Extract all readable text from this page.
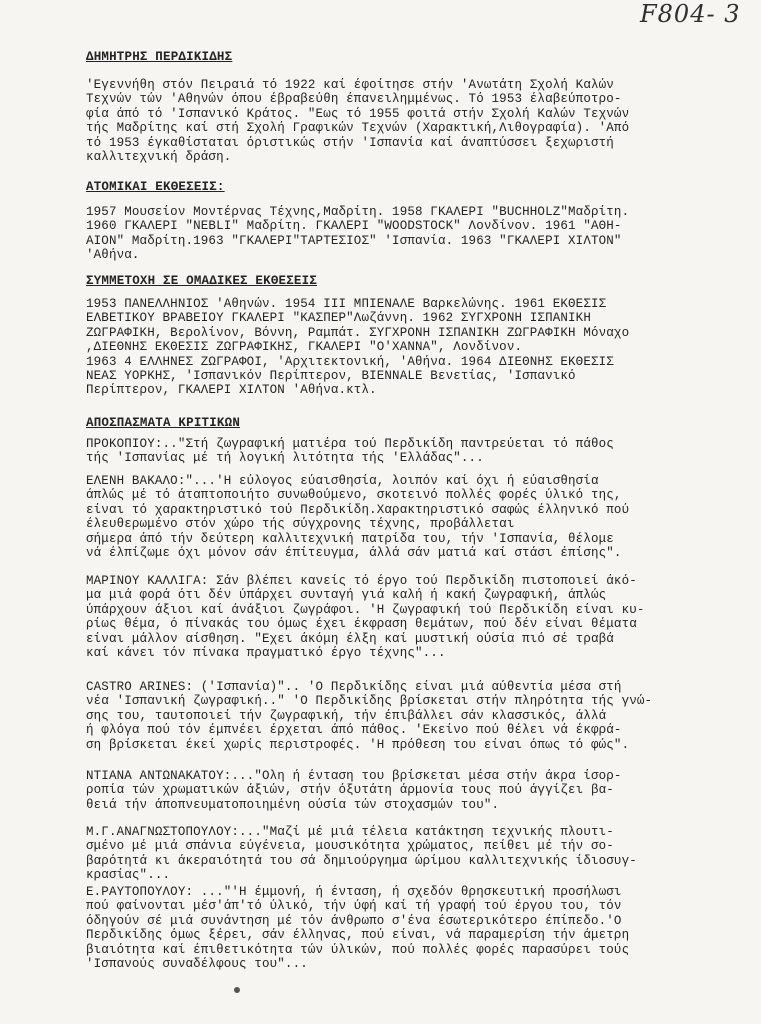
F804- 3
ΔΗΜΗΤΡΗΣ ΠΕΡΔΙΚΙΔΗΣ
'Εγεννήθη στόν Πειραιά τό 1922 καί έφοίτησε στήν 'Ανωτάτη Σχολή Καλών
Τεχνών τών 'Αθηνών όπου έβραβεύθη έπανειλημμένως. Τό 1953 έλαβεύποτρο-
φία άπό τό 'Ισπανικό Κράτος. "Εως τό 1955 φοιτά στήν Σχολή Καλών Τεχνών
τής Μαδρίτης καί στή Σχολή Γραφικών Τεχνών (Χαρακτική,Λιθογραφία). 'Από
τό 1953 έγκαθίσταται όριστικώς στήν 'Ισπανία καί άναπτύσσει ξεχωριστή
καλλιτεχνική δράση.
ΑΤΟΜΙΚΑΙ ΕΚΘΕΣΕΙΣ:
1957 Μουσείον Μοντέρνας Τέχνης,Μαδρίτη. 1958 ΓΚΑΛΕΡΙ "BUCHHOLZ"Μαδρίτη.
1960 ΓΚΑΛΕΡΙ "NEBLI" Μαδρίτη. ΓΚΑΛΕΡΙ "WOODSTOCK" Λονδίνον. 1961 "ΑΘΗ-
ΑΙΟΝ" Μαδρίτη.1963 "ΓΚΑΛΕΡΙ"ΤΑΡΤΕΣΙΟΣ" 'Ισπανία. 1963 "ΓΚΑΛΕΡΙ ΧΙΛΤΟΝ"
'Αθήνα.
ΣΥΜΜΕΤΟΧΗ ΣΕ ΟΜΑΔΙΚΕΣ ΕΚΘΕΣΕΙΣ
1953 ΠΑΝΕΛΛΗΝΙΟΣ 'Αθηνών. 1954 III ΜΠΙΕΝΑΛΕ Βαρκελώνης. 1961 ΕΚΘΕΣΙΣ
ΕΛΒΕΤΙΚΟΥ ΒΡΑΒΕΙΟΥ ΓΚΑΛΕΡΙ "ΚΑΣΠΕΡ"Λωζάννη. 1962 ΣΥΓΧΡΟΝΗ ΙΣΠΑΝΙΚΗ
ΖΩΓΡΑΦΙΚΗ, Βερολίνον, Βόννη, Ραμπάτ. ΣΥΓΧΡΟΝΗ ΙΣΠΑΝΙΚΗ ΖΩΓΡΑΦΙΚΗ Μόναχο
,ΔΙΕΘΝΗΣ ΕΚΘΕΣΙΣ ΖΩΓΡΑΦΙΚΗΣ, ΓΚΑΛΕΡΙ "Ο'ΧΑΝΝΑ", Λονδίνον.
1963 4 ΕΛΛΗΝΕΣ ΖΩΓΡΑΦΟΙ, 'Αρχιτεκτονική, 'Αθήνα. 1964 ΔΙΕΘΝΗΣ ΕΚΘΕΣΙΣ
ΝΕΑΣ ΥΟΡΚΗΣ, 'Ισπανικόν Περίπτερον, BIENNALE Βενετίας, 'Ισπανικό
Περίπτερον, ΓΚΑΛΕΡΙ ΧΙΛΤΟΝ 'Αθήνα.κτλ.
ΑΠΟΣΠΑΣΜΑΤΑ ΚΡΙΤΙΚΩΝ
ΠΡΟΚΟΠΙΟΥ:.."Στή ζωγραφική ματιέρα τού Περδικίδη παντρεύεται τό πάθος
τής 'Ισπανίας μέ τή λογική λιτότητα τής 'Ελλάδας"...
ΕΛΕΝΗ ΒΑΚΑΛΟ:"...'Η εύλογος εύαισθησία, λοιπόν καί όχι ή εύαισθησία
άπλώς μέ τό άταπτοποιήτο συνωθούμενο, σκοτεινό πολλές φορές ύλικό της,
είναι τό χαρακτηριστικό τού Περδικίδη.Χαρακτηριστικό σαφώς έλληνικό πού
έλευθερωμένο στόν χώρο τής σύγχρονης τέχνης, προβάλλεται
σήμερα άπό τήν δεύτερη καλλιτεχνική πατρίδα του, τήν 'Ισπανία, θέλομε
νά έλπίζωμε όχι μόνον σάν έπίτευγμα, άλλά σάν ματιά καί στάσι έπίσης".
ΜΑΡΙΝΟΥ ΚΑΛΛΙΓΑ: Σάν βλέπει κανείς τό έργο τού Περδικίδη πιστοποιεί άκό-
μα μιά φορά ότι δέν ύπάρχει συνταγή γιά καλή ή κακή ζωγραφική, άπλώς
ύπάρχουν άξιοι καί άνάξιοι ζωγράφοι. 'Η ζωγραφική τού Περδικίδη είναι κυ-
ρίως θέμα, ό πίνακάς του όμως έχει έκφραση θεμάτων, πού δέν είναι θέματα
είναι μάλλον αίσθηση. "Εχει άκόμη έλξη καί μυστική ούσία πιό σέ τραβά
καί κάνει τόν πίνακα πραγματικό έργο τέχνης"...
CASTRO ARINES: ('Ισπανία)".. 'Ο Περδικίδης είναι μιά αύθεντία μέσα στή
νέα 'Ισπανική ζωγραφική.." 'Ο Περδικίδης βρίσκεται στήν πληρότητα τής γνώ-
σης του, ταυτοποιεί τήν ζωγραφική, τήν έπιβάλλει σάν κλασσικός, άλλά
ή φλόγα πού τόν έμπνέει έρχεται άπό πάθος. 'Εκείνο πού θέλει νά έκφρά-
ση βρίσκεται έκεί χωρίς περιστροφές. 'Η πρόθεση του είναι όπως τό φώς".
ΝΤΙΑΝΑ ΑΝΤΩΝΑΚΑΤΟΥ:..."Ολη ή ένταση του βρίσκεται μέσα στήν άκρα ίσορ-
ροπία τών χρωματικών άξιών, στήν όξυτάτη άρμονία τους πού άγγίζει βα-
θειά τήν άποπνευματοποιημένη ούσία τών στοχασμών του".
Μ.Γ.ΑΝΑΓΝΩΣΤΟΠΟΥΛΟΥ:..."Μαζί μέ μιά τέλεια κατάκτηση τεχνικής πλουτι-
σμένο μέ μιά σπάνια εύγένεια, μουσικότητα χρώματος, πείθει μέ τήν σο-
βαρότητά κι άκεραιότητά του σά δημιούργημα ώρίμου καλλιτεχνικής ίδιοσυγ-
κρασίας"...
Ε.ΡΑΥΤΟΠΟΥΛΟΥ: ..."'Η έμμονή, ή ένταση, ή σχεδόν θρησκευτική προσήλωσι
πού φαίνονται μέσ'άπ'τό ύλικό, τήν ύφή καί τή γραφή τού έργου του, τόν
όδηγούν σέ μιά συνάντηση μέ τόν άνθρωπο σ'ένα έσωτερικότερο έπίπεδο.'Ο
Περδικίδης όμως ξέρει, σάν έλληνας, πού είναι, νά παραμερίση τήν άμετρη
βιαιότητα καί έπιθετικότητα τών ύλικών, πού πολλές φορές παρασύρει τούς
'Ισπανούς συναδέλφους του"...
